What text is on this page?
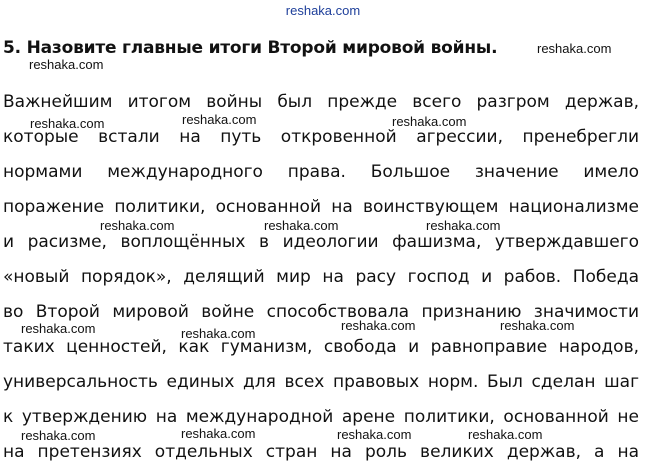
reshaka.com
5. Назовите главные итоги Второй мировой войны.
Важнейшим итогом войны был прежде всего разгром держав,
которые встали на путь откровенной агрессии, пренебрегли
нормами международного права. Большое значение имело
поражение политики, основанной на воинствующем национализме
и расизме, воплощённых в идеологии фашизма, утверждавшего
«новый порядок», делящий мир на расу господ и рабов. Победа
во Второй мировой войне способствовала признанию значимости
таких ценностей, как гуманизм, свобода и равноправие народов,
универсальность единых для всех правовых норм. Был сделан шаг
к утверждению на международной арене политики, основанной не
на претензиях отдельных стран на роль великих держав, а на
reshaka.com
reshaka.com
reshaka.com	reshaka.com	reshaka.com
reshaka.com	reshaka.com	reshaka.com
reshaka.com	reshaka.com
reshaka.com	reshaka.com
reshaka.com	reshaka.com	reshaka.com	reshaka.com
